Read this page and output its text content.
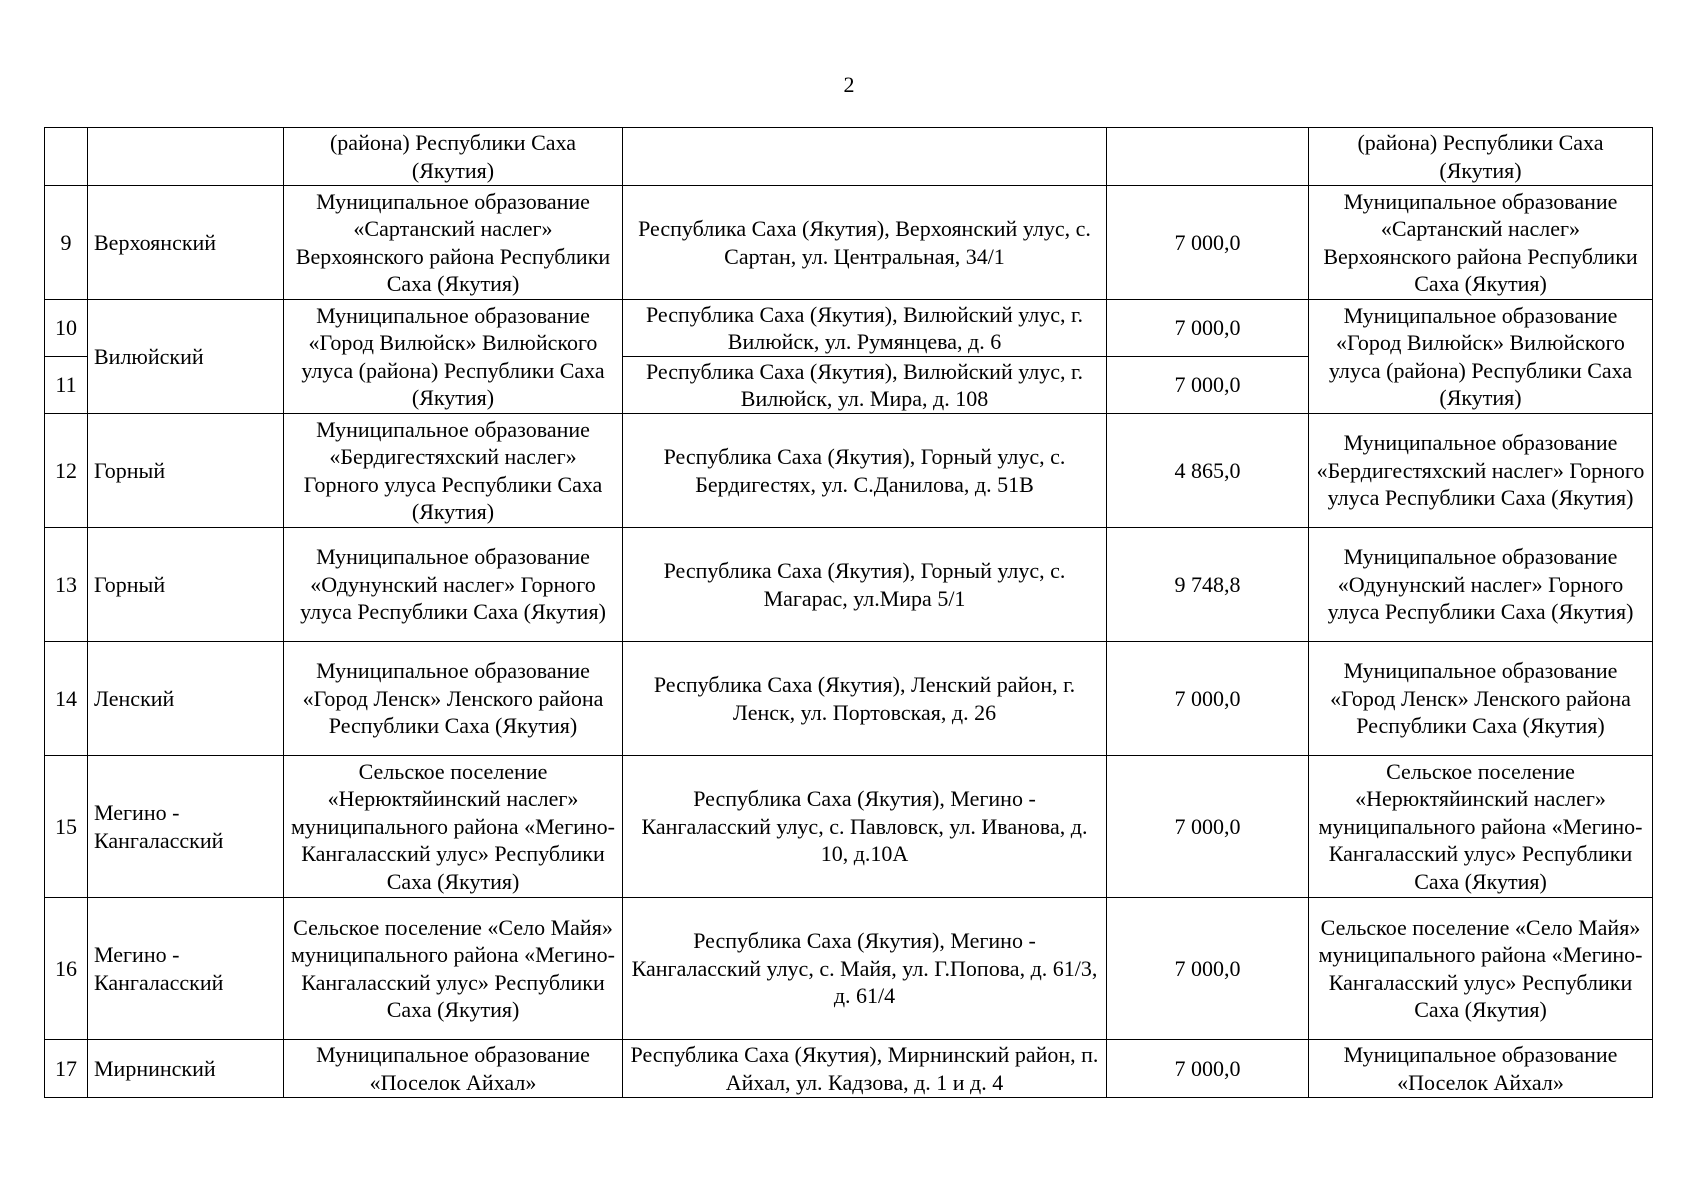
2
		(района) Республики Саха (Якутия)			(района) Республики Саха (Якутия)
9	Верхоянский	Муниципальное образование «Сартанский наслег» Верхоянского района Республики Саха (Якутия)	Республика Саха (Якутия), Верхоянский улус, с. Сартан, ул. Центральная, 34/1	7 000,0	Муниципальное образование «Сартанский наслег» Верхоянского района Республики Саха (Якутия)
10	Вилюйский	Муниципальное образование «Город Вилюйск» Вилюйского улуса (района) Республики Саха (Якутия)	Республика Саха (Якутия), Вилюйский улус, г. Вилюйск, ул. Румянцева, д. 6	7 000,0	Муниципальное образование «Город Вилюйск» Вилюйского улуса (района) Республики Саха (Якутия)
11			Республика Саха (Якутия), Вилюйский улус, г. Вилюйск, ул. Мира, д. 108	7 000,0	
12	Горный	Муниципальное образование «Бердигестяхский наслег» Горного улуса Республики Саха (Якутия)	Республика Саха (Якутия), Горный улус, с. Бердигестях, ул. С.Данилова, д. 51В	4 865,0	Муниципальное образование «Бердигестяхский наслег» Горного улуса Республики Саха (Якутия)
13	Горный	Муниципальное образование «Одунунский наслег» Горного улуса Республики Саха (Якутия)	Республика Саха (Якутия), Горный улус, с. Магарас, ул.Мира 5/1	9 748,8	Муниципальное образование «Одунунский наслег» Горного улуса Республики Саха (Якутия)
14	Ленский	Муниципальное образование «Город Ленск» Ленского района Республики Саха (Якутия)	Республика Саха (Якутия), Ленский район, г. Ленск, ул. Портовская, д. 26	7 000,0	Муниципальное образование «Город Ленск» Ленского района Республики Саха (Якутия)
15	Мегино - Кангаласский	Сельское поселение «Нерюктяйинский наслег» муниципального района «Мегино-Кангаласский улус» Республики Саха (Якутия)	Республика Саха (Якутия), Мегино - Кангаласский улус, с. Павловск, ул. Иванова, д. 10, д.10А	7 000,0	Сельское поселение «Нерюктяйинский наслег» муниципального района «Мегино-Кангаласский улус» Республики Саха (Якутия)
16	Мегино - Кангаласский	Сельское поселение «Село Майя» муниципального района «Мегино- Кангаласский улус» Республики Саха (Якутия)	Республика Саха (Якутия), Мегино - Кангаласский улус, с. Майя, ул. Г.Попова, д. 61/3, д. 61/4	7 000,0	Сельское поселение «Село Майя» муниципального района «Мегино- Кангаласский улус» Республики Саха (Якутия)
17	Мирнинский	Муниципальное образование «Поселок Айхал»	Республика Саха (Якутия), Мирнинский район, п. Айхал, ул. Кадзова, д. 1 и д. 4	7 000,0	Муниципальное образование «Поселок Айхал»
